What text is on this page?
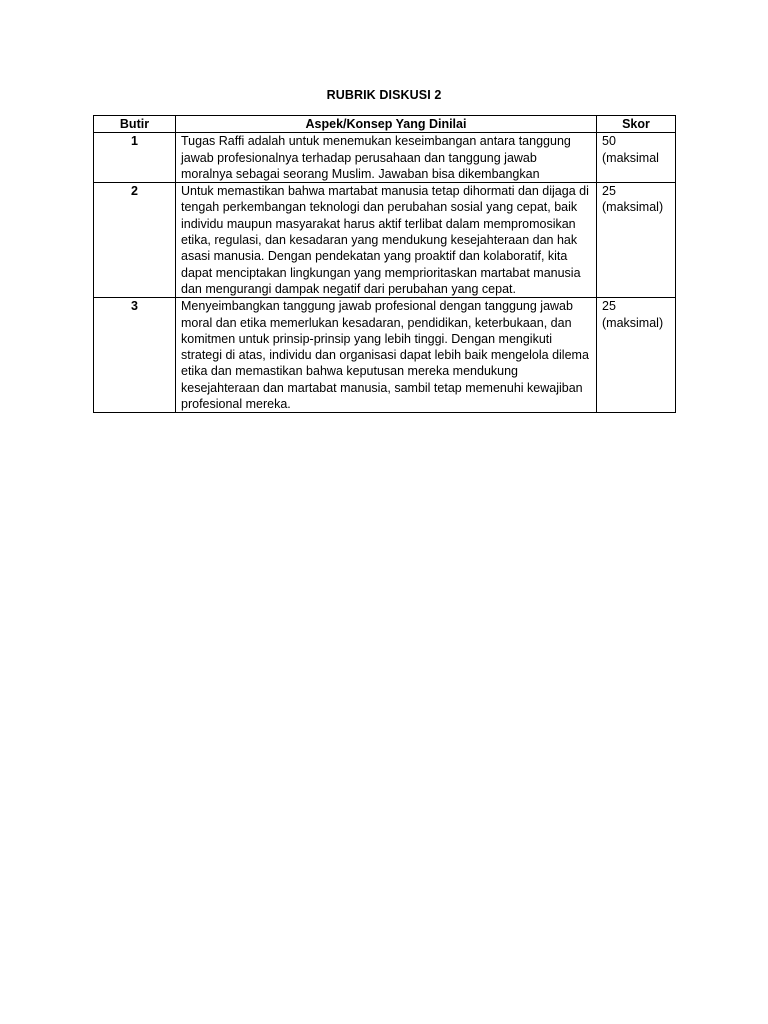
RUBRIK DISKUSI 2
Butir	Aspek/Konsep Yang Dinilai	Skor
1	Tugas Raffi adalah untuk menemukan keseimbangan antara tanggung jawab profesionalnya terhadap perusahaan dan tanggung jawab moralnya sebagai seorang Muslim. Jawaban bisa dikembangkan	50
(maksimal

2	Untuk memastikan bahwa martabat manusia tetap dihormati dan dijaga di tengah perkembangan teknologi dan perubahan sosial yang cepat, baik individu maupun masyarakat harus aktif terlibat dalam mempromosikan etika, regulasi, dan kesadaran yang mendukung kesejahteraan dan hak asasi manusia. Dengan pendekatan yang proaktif dan kolaboratif, kita dapat menciptakan lingkungan yang memprioritaskan martabat manusia dan mengurangi dampak negatif dari perubahan yang cepat.	25
(maksimal)

3	Menyeimbangkan tanggung jawab profesional dengan tanggung jawab moral dan etika memerlukan kesadaran, pendidikan, keterbukaan, dan komitmen untuk prinsip-prinsip yang lebih tinggi. Dengan mengikuti strategi di atas, individu dan organisasi dapat lebih baik mengelola dilema etika dan memastikan bahwa keputusan mereka mendukung kesejahteraan dan martabat manusia, sambil tetap memenuhi kewajiban profesional mereka.	25
(maksimal)
